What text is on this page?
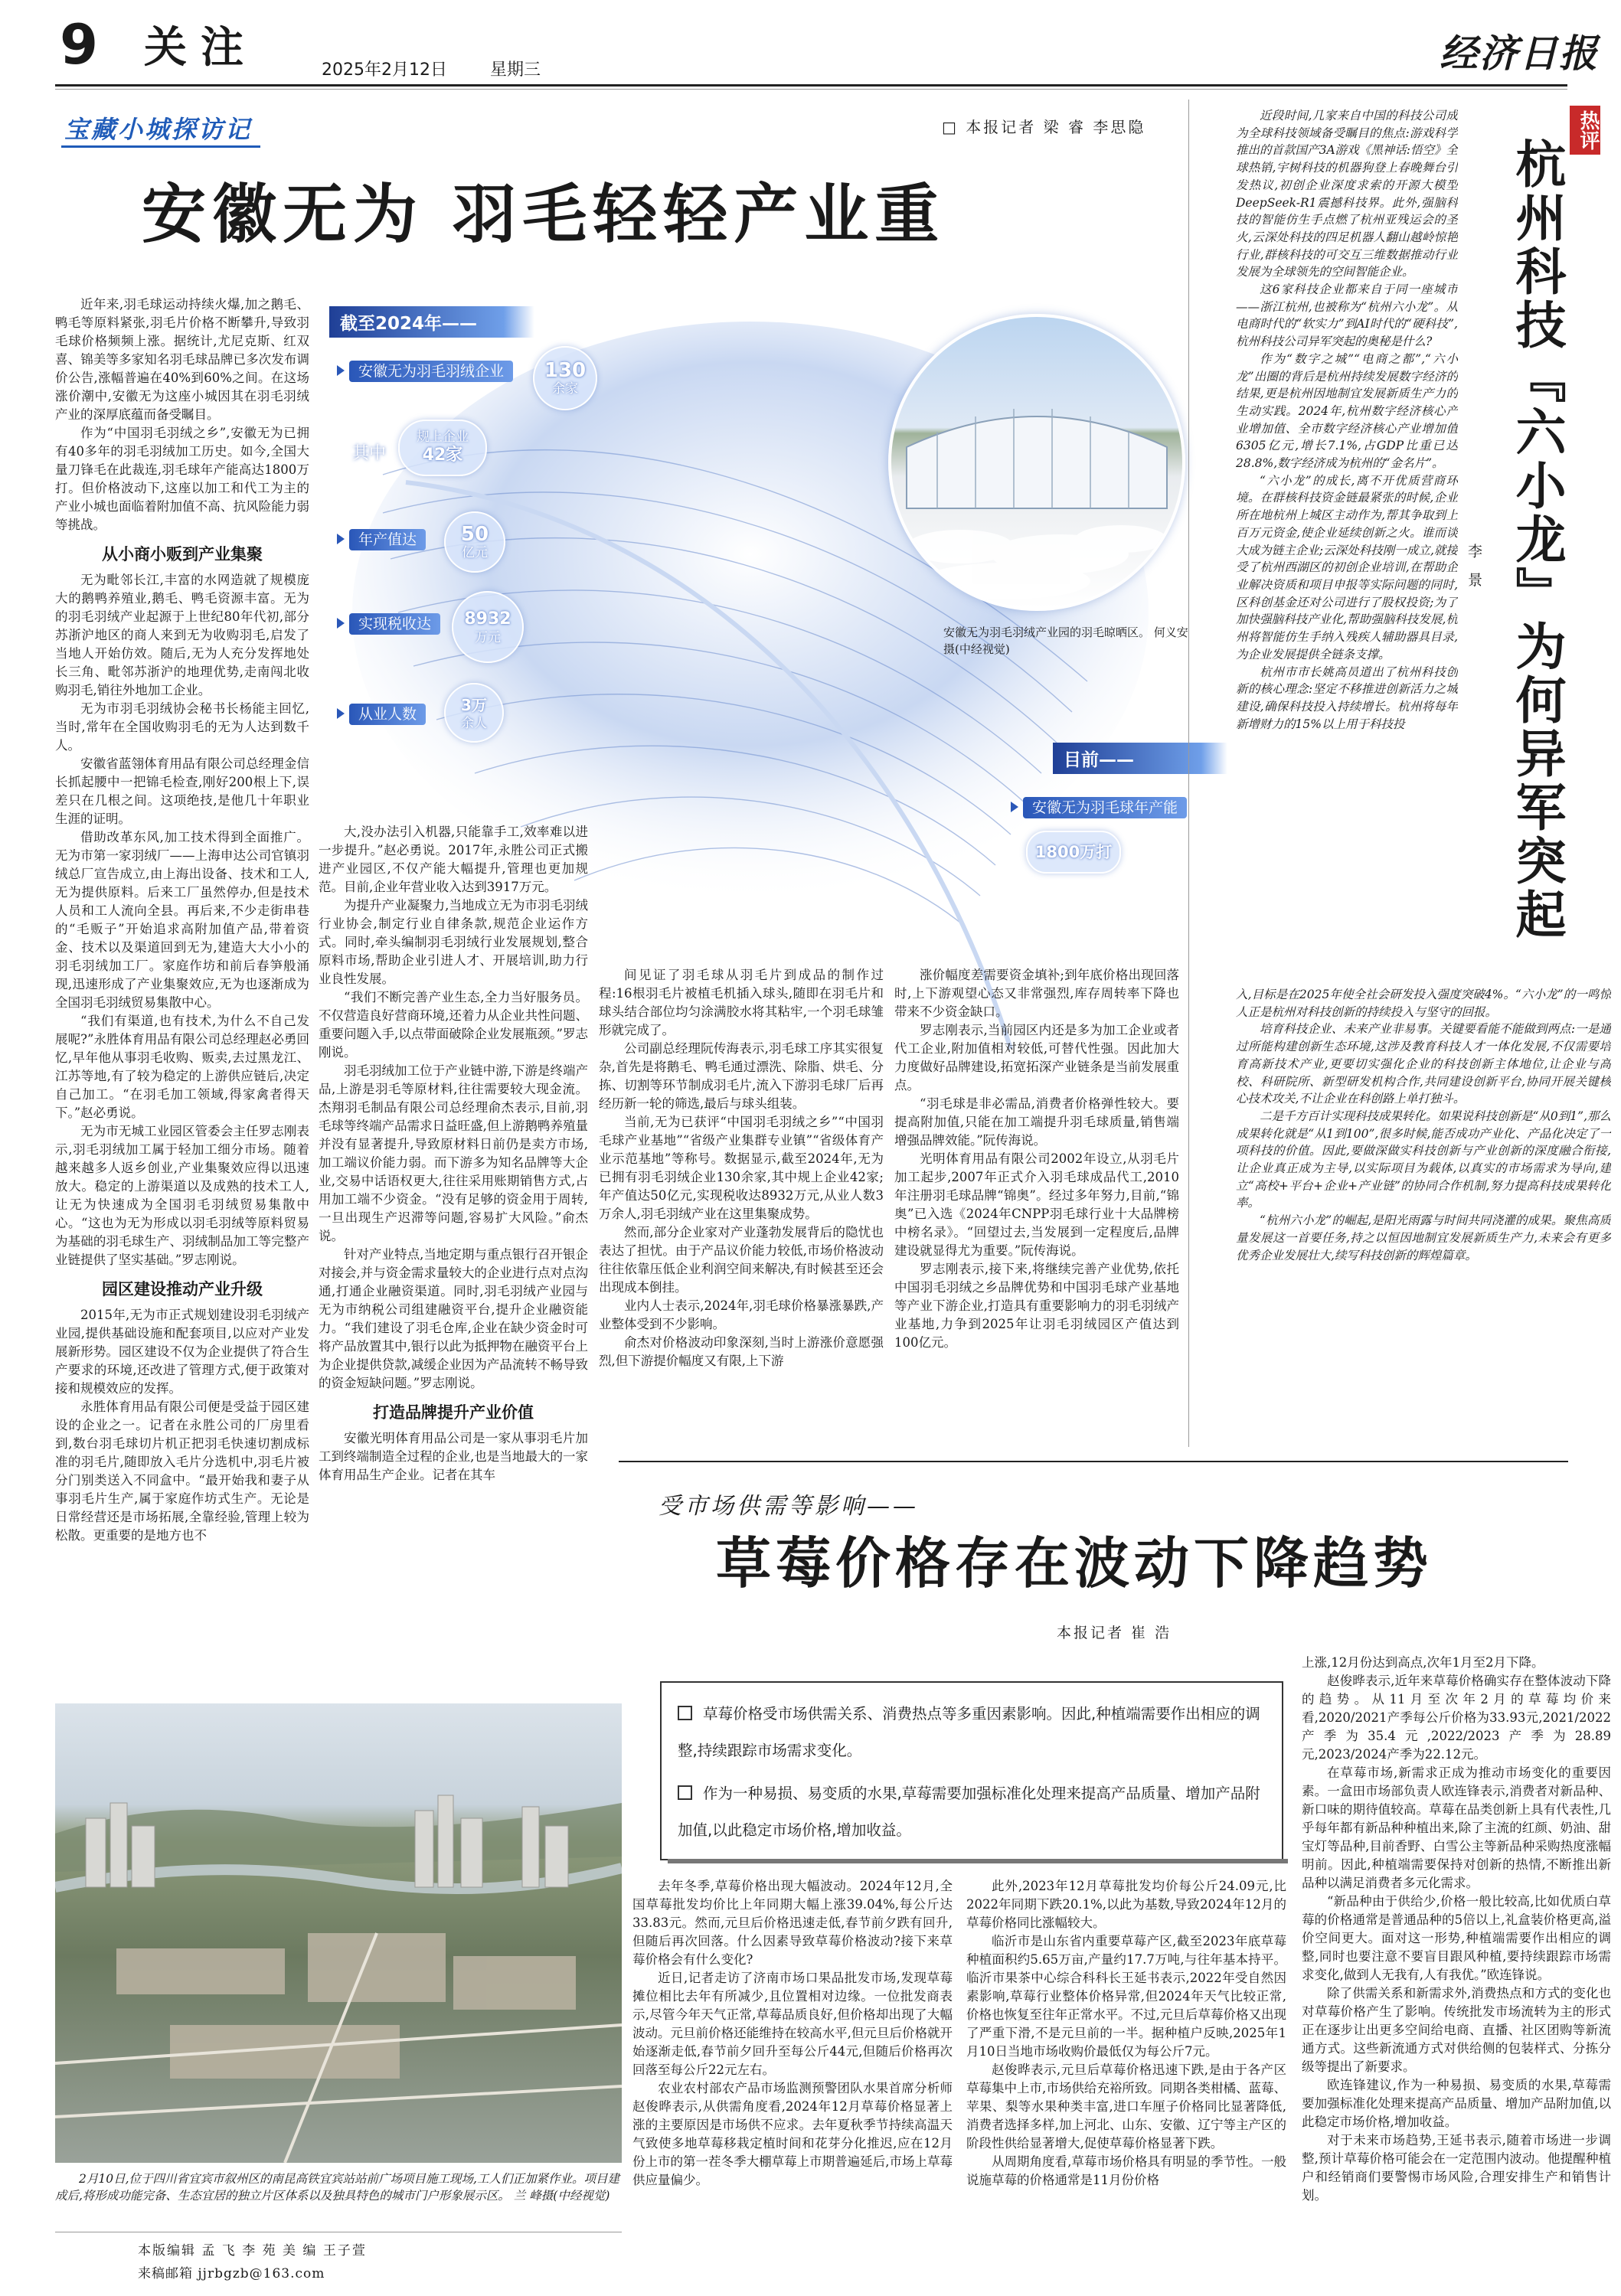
9 关注	2025年2月12日	星期三	经济日报
宝藏小城探访记	□ 本报记者 梁 睿 李思隐
安徽无为 羽毛轻轻产业重
截至2024年——
安徽无为羽毛羽绒企业	130
余家
其中
规上企业
42家
年产值达	50
亿元
实现税收达	8932
万元
从业人数	3万
余人
安徽无为羽毛羽绒产业园的羽毛晾晒区。 何义安摄(中经视觉)
目前——
安徽无为羽毛球年产能
1800万打

近年来,羽毛球运动持续火爆,加之鹅毛、鸭毛等原料紧张,羽毛片价格不断攀升,导致羽毛球价格频频上涨。据统计,尤尼克斯、红双喜、锦美等多家知名羽毛球品牌已多次发布调价公告,涨幅普遍在40%到60%之间。在这场涨价潮中,安徽无为这座小城因其在羽毛羽绒产业的深厚底蕴而备受瞩目。

作为“中国羽毛羽绒之乡”,安徽无为已拥有40多年的羽毛羽绒加工历史。如今,全国大量刀锋毛在此裁连,羽毛球年产能高达1800万打。但价格波动下,这座以加工和代工为主的产业小城也面临着附加值不高、抗风险能力弱等挑战。

从小商小贩到产业集聚

无为毗邻长江,丰富的水网造就了规模庞大的鹅鸭养殖业,鹅毛、鸭毛资源丰富。无为的羽毛羽绒产业起源于上世纪80年代初,部分苏浙沪地区的商人来到无为收购羽毛,启发了当地人开始仿效。随后,无为人充分发挥地处长三角、毗邻苏浙沪的地理优势,走南闯北收购羽毛,销往外地加工企业。

无为市羽毛羽绒协会秘书长杨能主回忆,当时,常年在全国收购羽毛的无为人达到数千人。

安徽省蓝翎体育用品有限公司总经理金信长抓起腰中一把锦毛检查,刚好200根上下,误差只在几根之间。这项绝技,是他几十年职业生涯的证明。

借助改革东风,加工技术得到全面推广。无为市第一家羽绒厂——上海申达公司官镇羽绒总厂宣告成立,由上海出设备、技术和工人,无为提供原料。后来工厂虽然停办,但是技术人员和工人流向全县。再后来,不少走街串巷的“毛贩子”开始追求高附加值产品,带着资金、技术以及渠道回到无为,建造大大小小的羽毛羽绒加工厂。家庭作坊和前后春笋般涌现,迅速形成了产业集聚效应,无为也逐渐成为全国羽毛羽绒贸易集散中心。

“我们有渠道,也有技术,为什么不自己发展呢?”永胜体育用品有限公司总经理赵必勇回忆,早年他从事羽毛收购、贩卖,去过黑龙江、江苏等地,有了较为稳定的上游供应链后,决定自己加工。“在羽毛加工领域,得家禽者得天下。”赵必勇说。

无为市无城工业园区管委会主任罗志刚表示,羽毛羽绒加工属于轻加工细分市场。随着越来越多人返乡创业,产业集聚效应得以迅速放大。稳定的上游渠道以及成熟的技术工人,让无为快速成为全国羽毛羽绒贸易集散中心。“这也为无为形成以羽毛羽绒等原料贸易为基础的羽毛球生产、羽绒制品加工等完整产业链提供了坚实基础。”罗志刚说。

园区建设推动产业升级

2015年,无为市正式规划建设羽毛羽绒产业园,提供基础设施和配套项目,以应对产业发展新形势。园区建设不仅为企业提供了符合生产要求的环境,还改进了管理方式,便于政策对接和规模效应的发挥。

永胜体育用品有限公司便是受益于园区建设的企业之一。记者在永胜公司的厂房里看到,数台羽毛球切片机正把羽毛快速切割成标准的羽毛片,随即放入毛片分选机中,羽毛片被分门别类送入不同盒中。“最开始我和妻子从事羽毛片生产,属于家庭作坊式生产。无论是日常经营还是市场拓展,全靠经验,管理上较为松散。更重要的是地方也不

大,没办法引入机器,只能靠手工,效率难以进一步提升。”赵必勇说。2017年,永胜公司正式搬进产业园区,不仅产能大幅提升,管理也更加规范。目前,企业年营业收入达到3917万元。

为提升产业凝聚力,当地成立无为市羽毛羽绒行业协会,制定行业自律条款,规范企业运作方式。同时,牵头编制羽毛羽绒行业发展规划,整合原料市场,帮助企业引进人才、开展培训,助力行业良性发展。

“我们不断完善产业生态,全力当好服务员。不仅营造良好营商环境,还着力从企业共性问题、重要问题入手,以点带面破除企业发展瓶颈。”罗志刚说。

羽毛羽绒加工位于产业链中游,下游是终端产品,上游是羽毛等原材料,往往需要较大现金流。杰翔羽毛制品有限公司总经理俞杰表示,目前,羽毛球等终端产品需求日益旺盛,但上游鹅鸭养殖量并没有显著提升,导致原材料日前仍是卖方市场,加工端议价能力弱。而下游多为知名品牌等大企业,交易中话语权更大,往往采用账期销售方式,占用加工端不少资金。“没有足够的资金用于周转,一旦出现生产迟滞等问题,容易扩大风险。”俞杰说。

针对产业特点,当地定期与重点银行召开银企对接会,并与资金需求量较大的企业进行点对点沟通,打通企业融资渠道。同时,羽毛羽绒产业园与无为市纳税公司组建融资平台,提升企业融资能力。“我们建设了羽毛仓库,企业在缺少资金时可将产品放置其中,银行以此为抵押物在融资平台上为企业提供贷款,减缓企业因为产品流转不畅导致的资金短缺问题。”罗志刚说。

打造品牌提升产业价值

安徽光明体育用品公司是一家从事羽毛片加工到终端制造全过程的企业,也是当地最大的一家体育用品生产企业。记者在其车

间见证了羽毛球从羽毛片到成品的制作过程:16根羽毛片被植毛机插入球头,随即在羽毛片和球头结合部位均匀涂满胶水将其粘牢,一个羽毛球雏形就完成了。

公司副总经理阮传海表示,羽毛球工序其实很复杂,首先是将鹅毛、鸭毛通过漂洗、除脂、烘毛、分拣、切割等环节制成羽毛片,流入下游羽毛球厂后再经历新一轮的筛选,最后与球头组装。

当前,无为已获评“中国羽毛羽绒之乡”“中国羽毛球产业基地”“省级产业集群专业镇”“省级体育产业示范基地”等称号。数据显示,截至2024年,无为已拥有羽毛羽绒企业130余家,其中规上企业42家;年产值达50亿元,实现税收达8932万元,从业人数3万余人,羽毛羽绒产业在这里集聚成势。

然而,部分企业家对产业蓬勃发展背后的隐忧也表达了担忧。由于产品议价能力较低,市场价格波动往往依靠压低企业利润空间来解决,有时候甚至还会出现成本倒挂。

业内人士表示,2024年,羽毛球价格暴涨暴跌,产业整体受到不少影响。

俞杰对价格波动印象深刻,当时上游涨价意愿强烈,但下游提价幅度又有限,上下游

涨价幅度差需要资金填补;到年底价格出现回落时,上下游观望心态又非常强烈,库存周转率下降也带来不少资金缺口。

罗志刚表示,当前园区内还是多为加工企业或者代工企业,附加值相对较低,可替代性强。因此加大力度做好品牌建设,拓宽拓深产业链条是当前发展重点。

“羽毛球是非必需品,消费者价格弹性较大。要提高附加值,只能在加工端提升羽毛球质量,销售端增强品牌效能。”阮传海说。

光明体育用品有限公司2002年设立,从羽毛片加工起步,2007年正式介入羽毛球成品代工,2010年注册羽毛球品牌“锦奥”。经过多年努力,目前,“锦奥”已入选《2024年CNPP羽毛球行业十大品牌榜中榜名录》。“回望过去,当发展到一定程度后,品牌建设就显得尤为重要。”阮传海说。

罗志刚表示,接下来,将继续完善产业优势,依托中国羽毛羽绒之乡品牌优势和中国羽毛球产业基地等产业下游企业,打造具有重要影响力的羽毛羽绒产业基地,力争到2025年让羽毛羽绒园区产值达到100亿元。

热评
杭州科技『六小龙』为何异军突起
李 景

近段时间,几家来自中国的科技公司成为全球科技领域备受瞩目的焦点:游戏科学推出的首款国产3A游戏《黑神话:悟空》全球热销,宇树科技的机器狗登上春晚舞台引发热议,初创企业深度求索的开源大模型DeepSeek-R1震撼科技界。此外,强脑科技的智能仿生手点燃了杭州亚残运会的圣火,云深处科技的四足机器人翻山越岭惊艳行业,群核科技的可交互三维数据推动行业发展为全球领先的空间智能企业。

这6家科技企业都来自于同一座城市——浙江杭州,也被称为“杭州六小龙”。从电商时代的“软实力”到AI时代的“硬科技”,杭州科技公司异军突起的奥秘是什么?

作为“数字之城”“电商之都”,“六小龙”出圈的背后是杭州持续发展数字经济的结果,更是杭州因地制宜发展新质生产力的生动实践。2024年,杭州数字经济核心产业增加值、全市数字经济核心产业增加值6305亿元,增长7.1%,占GDP比重已达28.8%,数字经济成为杭州的“金名片”。

“六小龙”的成长,离不开优质营商环境。在群核科技资金链最紧张的时候,企业所在地杭州上城区主动作为,帮其争取到上百万元资金,使企业延续创新之火。谁而谈大成为链主企业;云深处科技刚一成立,就接受了杭州西湖区的初创企业培训,在帮助企业解决资质和项目申报等实际问题的同时,区科创基金还对公司进行了股权投资;为了加快强脑科技产业化,帮助强脑科技发展,杭州将智能仿生手纳入残疾人辅助器具目录,为企业发展提供全链条支撑。

杭州市市长姚高员道出了杭州科技创新的核心理念:坚定不移推进创新活力之城建设,确保科技投入持续增长。杭州将每年新增财力的15%以上用于科技投

入,目标是在2025年使全社会研发投入强度突破4%。“六小龙”的一鸣惊人正是杭州对科技创新的持续投入与坚守的回报。

培育科技企业、未来产业非易事。关键要看能不能做到两点:一是通过所能构建创新生态环境,这涉及教育科技人才一体化发展,不仅需要培育高新技术产业,更要切实强化企业的科技创新主体地位,让企业与高校、科研院所、新型研发机构合作,共同建设创新平台,协同开展关键核心技术攻关,不让企业在科创路上单打独斗。

二是千方百计实现科技成果转化。如果说科技创新是“从0到1”,那么成果转化就是“从1到100”,很多时候,能否成功产业化、产品化决定了一项科技的价值。因此,要做深做实科技创新与产业创新的深度融合衔接,让企业真正成为主导,以实际项目为载体,以真实的市场需求为导向,建立“高校+平台+企业+产业链”的协同合作机制,努力提高科技成果转化率。

“杭州六小龙”的崛起,是阳光雨露与时间共同浇灌的成果。聚焦高质量发展这一首要任务,持之以恒因地制宜发展新质生产力,未来会有更多优秀企业发展壮大,续写科技创新的辉煌篇章。

2月10日,位于四川省宜宾市叙州区的南昆高铁宜宾站站前广场项目施工现场,工人们正加紧作业。项目建成后,将形成功能完备、生态宜居的独立片区体系以及独具特色的城市门户形象展示区。 兰 峰摄(中经视觉)
本版编辑 孟 飞 李 苑 美 编 王子萱
来稿邮箱 jjrbgzb@163.com
受市场供需等影响——
草莓价格存在波动下降趋势
本报记者 崔 浩
草莓价格受市场供需关系、消费热点等多重因素影响。因此,种植端需要作出相应的调整,持续跟踪市场需求变化。
作为一种易损、易变质的水果,草莓需要加强标准化处理来提高产品质量、增加产品附加值,以此稳定市场价格,增加收益。

去年冬季,草莓价格出现大幅波动。2024年12月,全国草莓批发均价比上年同期大幅上涨39.04%,每公斤达33.83元。然而,元旦后价格迅速走低,春节前夕跌有回升,但随后再次回落。什么因素导致草莓价格波动?接下来草莓价格会有什么变化?

近日,记者走访了济南市场口果品批发市场,发现草莓摊位相比去年有所减少,且位置相对边缘。一位批发商表示,尽管今年天气正常,草莓品质良好,但价格却出现了大幅波动。元旦前价格还能维持在较高水平,但元旦后价格就开始逐渐走低,春节前夕回升至每公斤44元,但随后价格再次回落至每公斤22元左右。

农业农村部农产品市场监测预警团队水果首席分析师赵俊晔表示,从供需角度看,2024年12月草莓价格显著上涨的主要原因是市场供不应求。去年夏秋季节持续高温天气致使多地草莓移栽定植时间和花芽分化推迟,应在12月份上市的第一茬冬季大棚草莓上市期普遍延后,市场上草莓供应量偏少。

此外,2023年12月草莓批发均价每公斤24.09元,比2022年同期下跌20.1%,以此为基数,导致2024年12月的草莓价格同比涨幅较大。

临沂市是山东省内重要草莓产区,截至2023年底草莓种植面积约5.65万亩,产量约17.7万吨,与往年基本持平。临沂市果茶中心综合科科长王延书表示,2022年受自然因素影响,草莓行业整体价格异常,但2024年天气比较正常,价格也恢复至往年正常水平。不过,元旦后草莓价格又出现了严重下滑,不是元旦前的一半。据种植户反映,2025年1月10日当地市场收购价最低仅为每公斤7元。

赵俊晔表示,元旦后草莓价格迅速下跌,是由于各产区草莓集中上市,市场供给充裕所致。同期各类柑橘、蓝莓、苹果、梨等水果种类丰富,进口车厘子价格同比显著降低,消费者选择多样,加上河北、山东、安徽、辽宁等主产区的阶段性供给显著增大,促使草莓价格显著下跌。

从周期角度看,草莓市场价格具有明显的季节性。一般说施草莓的价格通常是11月份价格

上涨,12月份达到高点,次年1月至2月下降。

赵俊晔表示,近年来草莓价格确实存在整体波动下降的趋势。从11月至次年2月的草莓均价来看,2020/2021产季每公斤价格为33.93元,2021/2022产季为35.4元,2022/2023产季为28.89元,2023/2024产季为22.12元。

在草莓市场,新需求正成为推动市场变化的重要因素。一盒田市场部负责人欧连锋表示,消费者对新品种、新口味的期待值较高。草莓在品类创新上具有代表性,几乎每年都有新品种种植出来,除了主流的红颜、奶油、甜宝灯等品种,目前香野、白雪公主等新品种采购热度涨幅明前。因此,种植端需要保持对创新的热情,不断推出新品种以满足消费者多元化需求。

“新品种由于供给少,价格一般比较高,比如优质白草莓的价格通常是普通品种的5倍以上,礼盒装价格更高,溢价空间更大。面对这一形势,种植端需要作出相应的调整,同时也要注意不要盲目跟风种植,要持续跟踪市场需求变化,做到人无我有,人有我优。”欧连锋说。

除了供需关系和新需求外,消费热点和方式的变化也对草莓价格产生了影响。传统批发市场流转为主的形式正在逐步让出更多空间给电商、直播、社区团购等新流通方式。这些新流通方式对供给侧的包装样式、分拣分级等提出了新要求。

欧连锋建议,作为一种易损、易变质的水果,草莓需要加强标准化处理来提高产品质量、增加产品附加值,以此稳定市场价格,增加收益。

对于未来市场趋势,王延书表示,随着市场进一步调整,预计草莓价格可能会在一定范围内波动。他提醒种植户和经销商们要警惕市场风险,合理安排生产和销售计划。
